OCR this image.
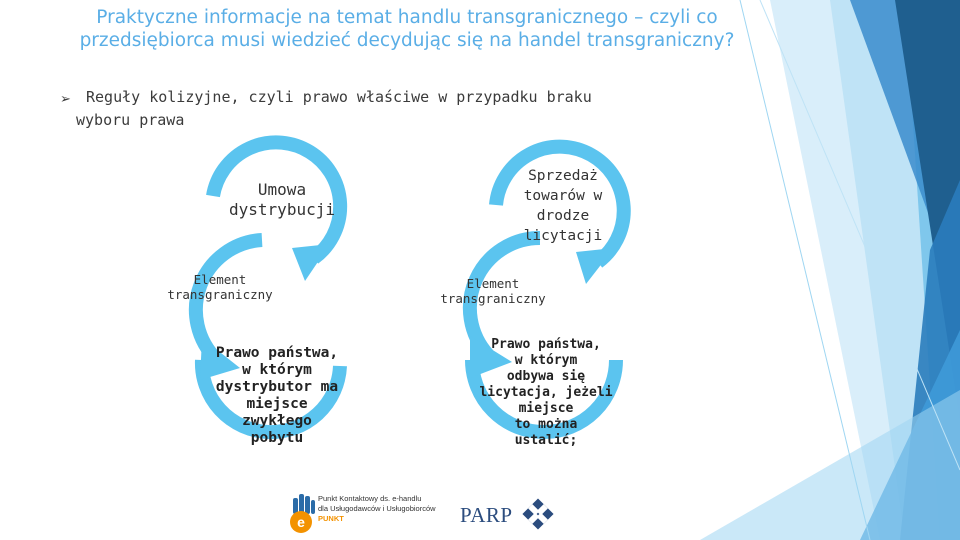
e
Praktyczne informacje na temat handlu transgranicznego – czyli co przedsiębiorca musi wiedzieć decydując się na handel transgraniczny?
➢ Reguły kolizyjne, czyli prawo właściwe w przypadku braku
wyboru prawa
Umowa
dystrybucji
Element
transgraniczny
Prawo państwa,
w którym
dystrybutor ma
miejsce
zwykłego
pobytu
Sprzedaż
towarów w
drodze
licytacji
Element
transgraniczny
Prawo państwa,
w którym
odbywa się
licytacja, jeżeli
miejsce
to można
ustalić;
Punkt Kontaktowy ds. e-handlu
dla Usługodawców i Usługobiorców
PUNKT	PARP
